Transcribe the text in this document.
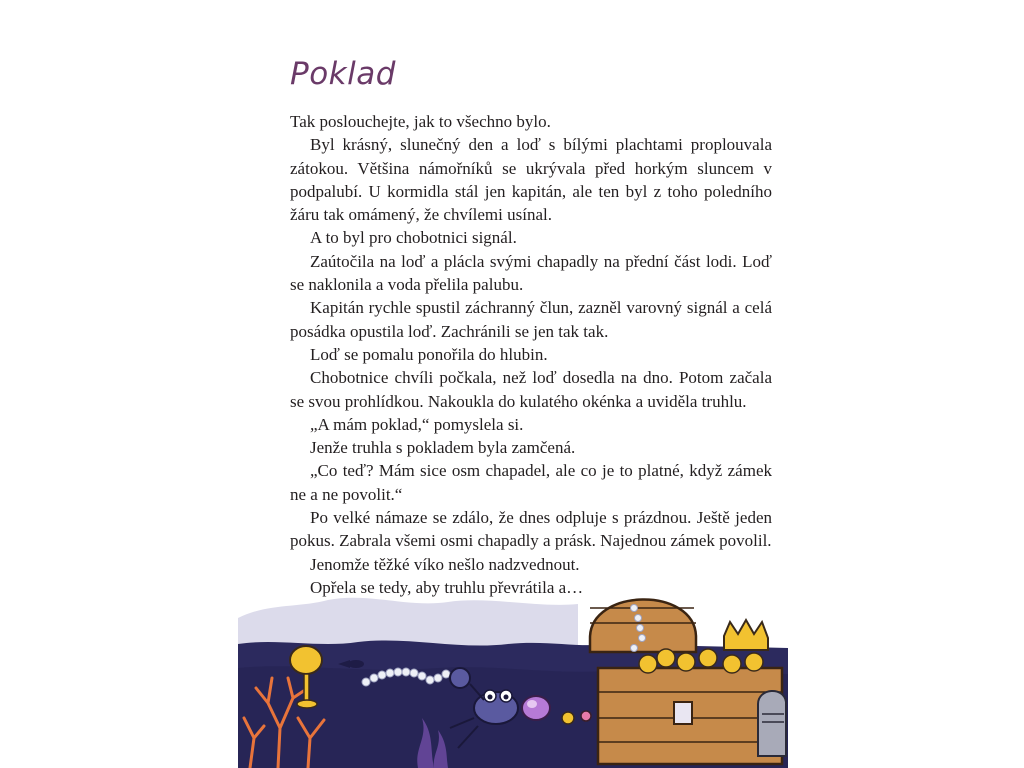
Poklad

Tak poslouchejte, jak to všechno bylo.

Byl krásný, slunečný den a loď s bílými plachtami proplouvala zátokou. Většina námořníků se ukrývala před horkým sluncem v podpalubí. U kormidla stál jen kapitán, ale ten byl z toho poledního žáru tak omámený, že chvílemi usínal.

A to byl pro chobotnici signál.

Zaútočila na loď a plácla svými chapadly na přední část lodi. Loď se naklonila a voda přelila palubu.

Kapitán rychle spustil záchranný člun, zazněl varovný signál a celá posádka opustila loď. Zachránili se jen tak tak.

Loď se pomalu ponořila do hlubin.

Chobotnice chvíli počkala, než loď dosedla na dno. Potom začala se svou prohlídkou. Nakoukla do kulatého okénka a uviděla truhlu.

„A mám poklad,“ pomyslela si.

Jenže truhla s pokladem byla zamčená.

„Co teď? Mám sice osm chapadel, ale co je to platné, když zámek ne a ne povolit.“

Po velké námaze se zdálo, že dnes odpluje s prázdnou. Ještě jeden pokus. Zabrala všemi osmi chapadly a prásk. Najednou zámek povolil.

Jenomže těžké víko nešlo nadzvednout.

Opřela se tedy, aby truhlu převrátila a…
